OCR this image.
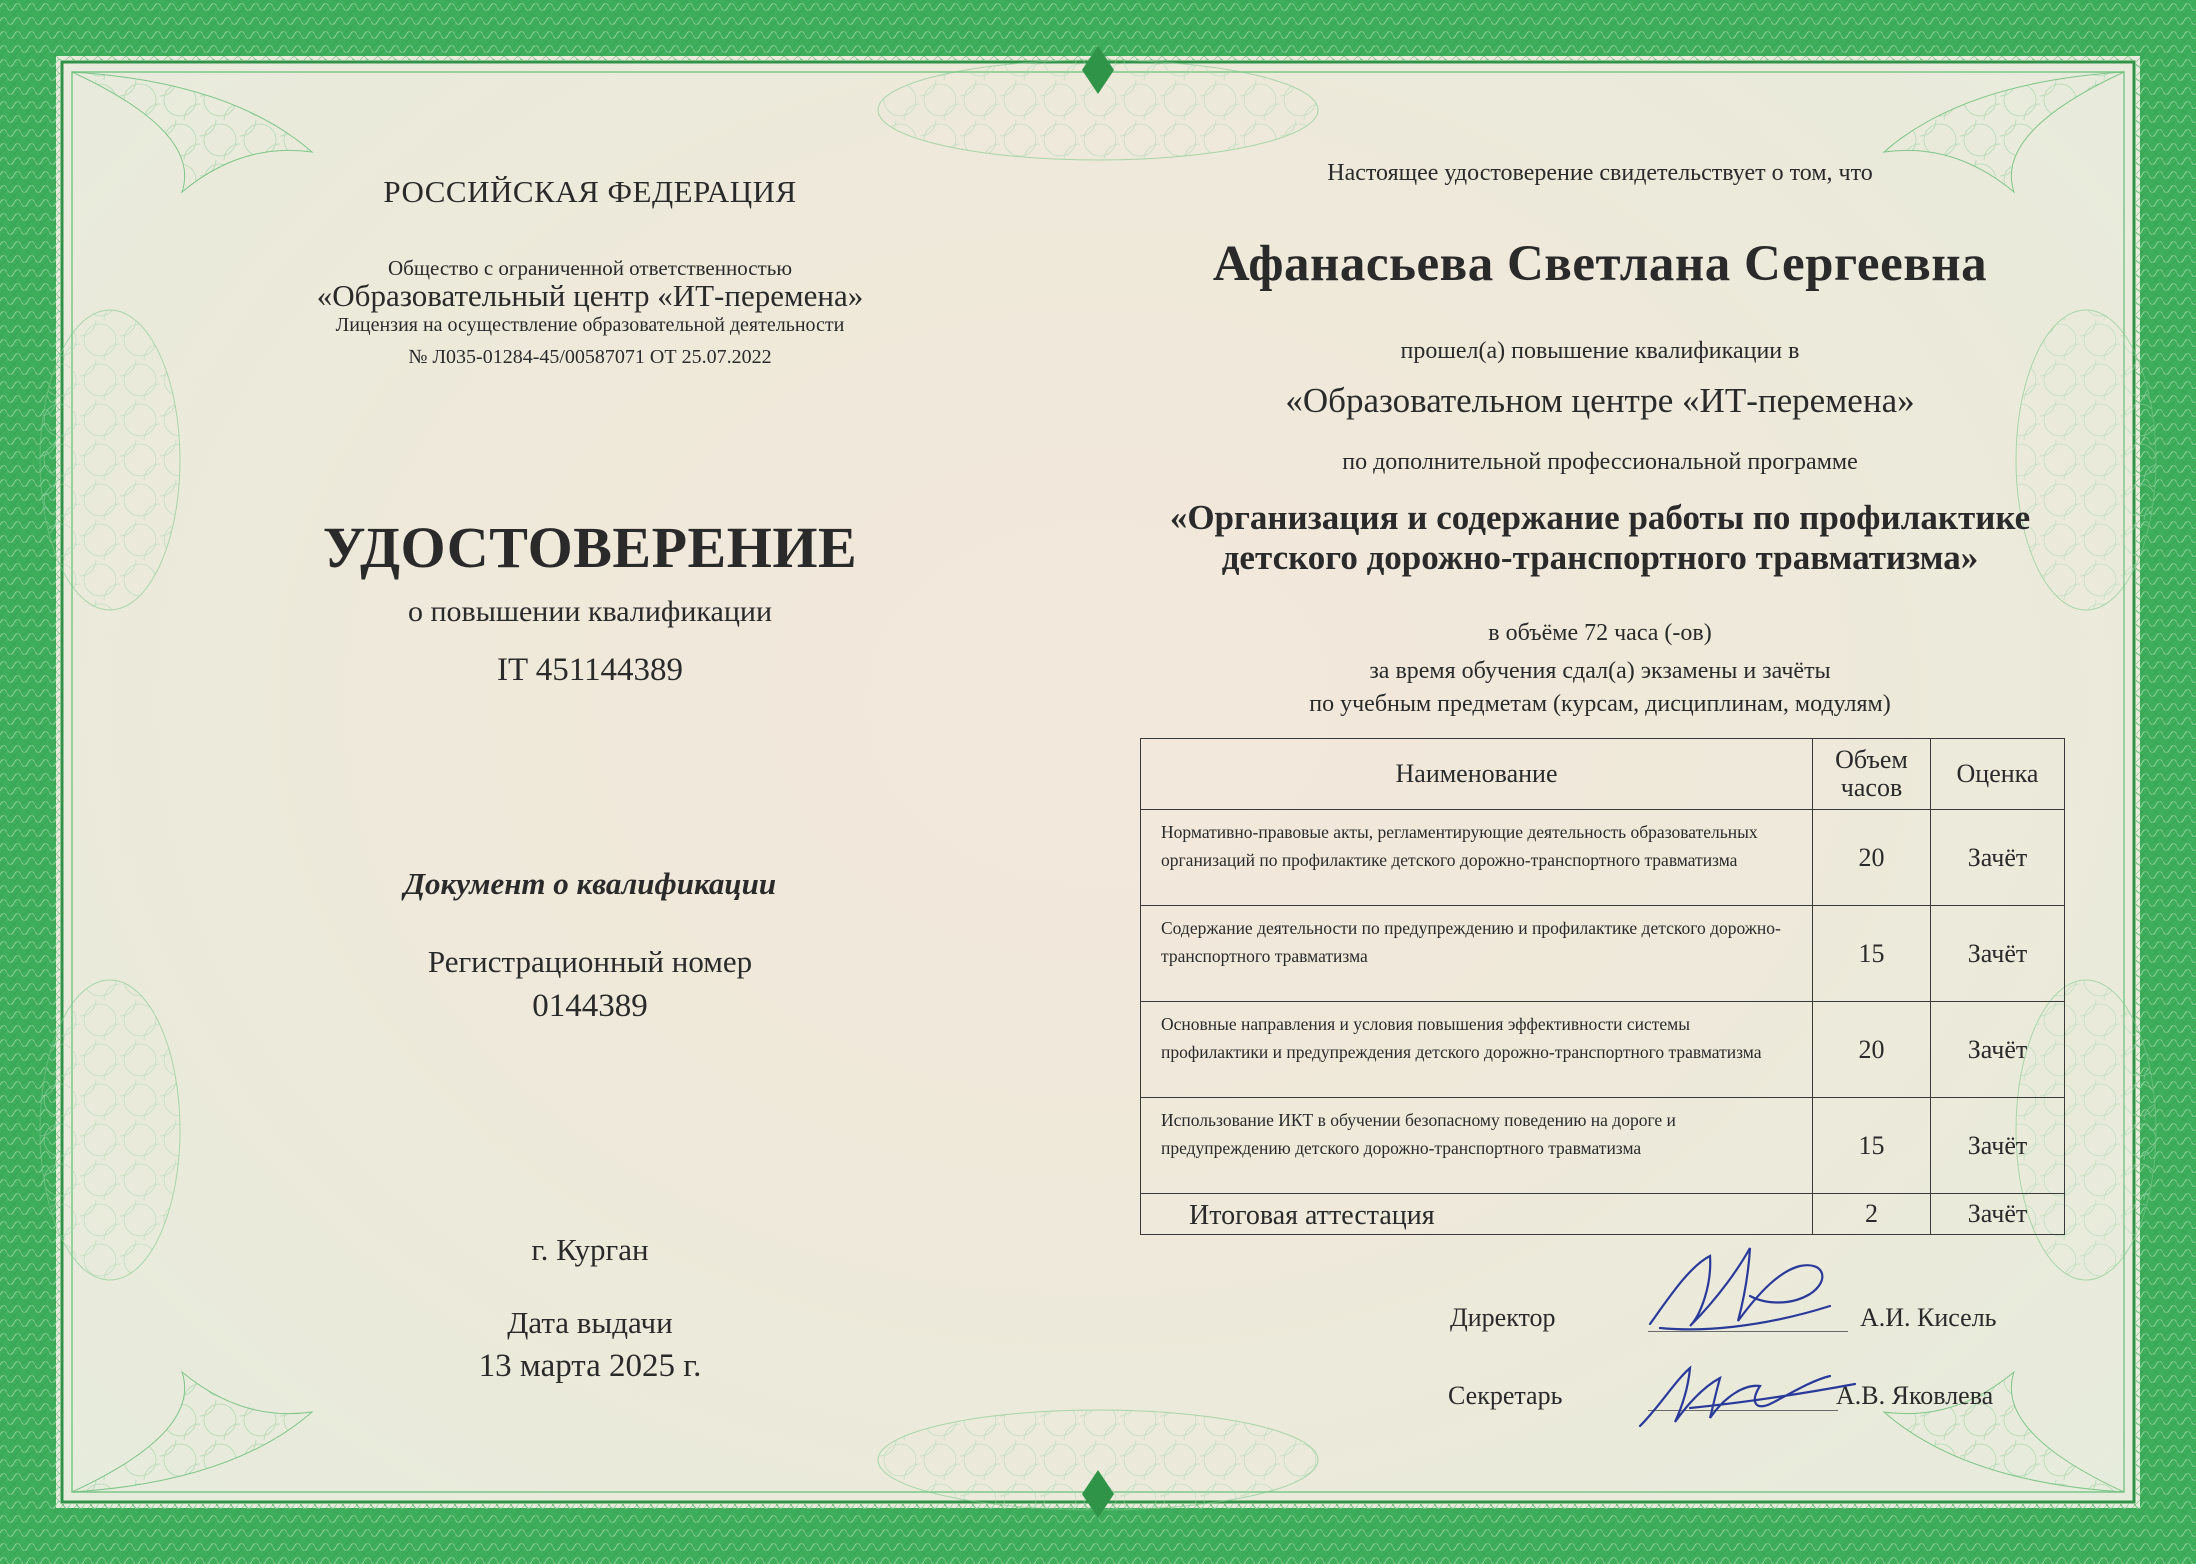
РОССИЙСКАЯ ФЕДЕРАЦИЯ
Общество с ограниченной ответственностью
«Образовательный центр «ИТ-перемена»
Лицензия на осуществление образовательной деятельности
№ Л035-01284-45/00587071 ОТ 25.07.2022
УДОСТОВЕРЕНИЕ
о повышении квалификации
IT 451144389
Документ о квалификации
Регистрационный номер
0144389
г. Курган
Дата выдачи
13 марта 2025 г.
Настоящее удостоверение свидетельствует о том, что
Афанасьева Светлана Сергеевна
прошел(а) повышение квалификации в
«Образовательном центре «ИТ-перемена»
по дополнительной профессиональной программе
«Организация и содержание работы по профилактике детского дорожно-транспортного травматизма»
в объёме 72 часа (-ов)
за время обучения сдал(а) экзамены и зачёты
по учебным предметам (курсам, дисциплинам, модулям)
Наименование	Объем часов	Оценка
Нормативно-правовые акты, регламентирующие деятельность образовательных организаций по профилактике детского дорожно-транспортного травматизма	20	Зачёт
Содержание деятельности по предупреждению и профилактике детского дорожно-транспортного травматизма	15	Зачёт
Основные направления и условия повышения эффективности системы профилактики и предупреждения детского дорожно-транспортного травматизма	20	Зачёт
Использование ИКТ в обучении безопасному поведению на дороге и предупреждению детского дорожно-транспортного травматизма	15	Зачёт
Итоговая аттестация	2	Зачёт
Директор	А.И. Кисель
Секретарь	А.В. Яковлева
